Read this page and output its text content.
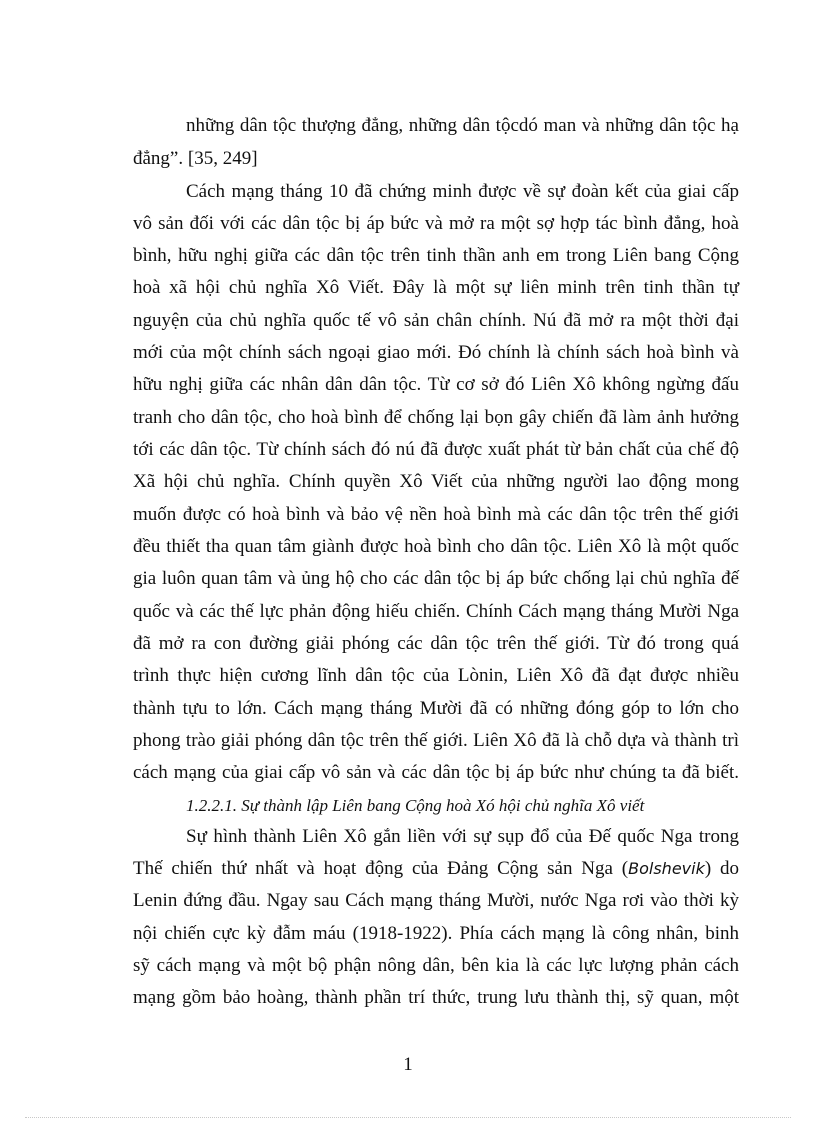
những dân tộc thượng đẳng, những dân tộcdó man và những dân tộc hạ
đẳng”. [35, 249]
Cách mạng tháng 10 đã chứng minh được về sự đoàn kết của giai cấp
vô sản đối với các dân tộc bị áp bức và mở ra một sợ hợp tác bình đẳng, hoà
bình, hữu nghị giữa các dân tộc trên tinh thần anh em trong Liên bang Cộng
hoà xã hội chủ nghĩa Xô Viết. Đây là một sự liên minh trên tinh thần tự
nguyện của chủ nghĩa quốc tế vô sản chân chính. Nú đã mở ra một thời đại
mới của một chính sách ngoại giao mới. Đó chính là chính sách hoà bình và
hữu nghị giữa các nhân dân dân tộc. Từ cơ sở đó Liên Xô không ngừng đấu
tranh cho dân tộc, cho hoà bình để chống lại bọn gây chiến đã làm ảnh hưởng
tới các dân tộc. Từ chính sách đó nú đã được xuất phát từ bản chất của chế độ
Xã hội chủ nghĩa. Chính quyền Xô Viết của những người lao động mong
muốn được có hoà bình và bảo vệ nền hoà bình mà các dân tộc trên thế giới
đều thiết tha quan tâm giành được hoà bình cho dân tộc. Liên Xô là một quốc
gia luôn quan tâm và ủng hộ cho các dân tộc bị áp bức chống lại chủ nghĩa đế
quốc và các thế lực phản động hiếu chiến. Chính Cách mạng tháng Mười Nga
đã mở ra con đường giải phóng các dân tộc trên thế giới. Từ đó trong quá
trình thực hiện cương lĩnh dân tộc của Lònin, Liên Xô đã đạt được nhiều
thành tựu to lớn. Cách mạng tháng Mười đã có những đóng góp to lớn cho
phong trào giải phóng dân tộc trên thế giới. Liên Xô đã là chỗ dựa và thành trì
cách mạng của giai cấp vô sản và các dân tộc bị áp bức như chúng ta đã biết.
1.2.2.1. Sự thành lập Liên bang Cộng hoà Xó hội chủ nghĩa Xô viết
Sự hình thành Liên Xô gắn liền với sự sụp đổ của Đế quốc Nga trong
Thế chiến thứ nhất và hoạt động của Đảng Cộng sản Nga (Bolshevik) do
Lenin đứng đầu. Ngay sau Cách mạng tháng Mười, nước Nga rơi vào thời kỳ
nội chiến cực kỳ đẫm máu (1918-1922). Phía cách mạng là công nhân, binh
sỹ cách mạng và một bộ phận nông dân, bên kia là các lực lượng phản cách
mạng gồm bảo hoàng, thành phần trí thức, trung lưu thành thị, sỹ quan, một
1
